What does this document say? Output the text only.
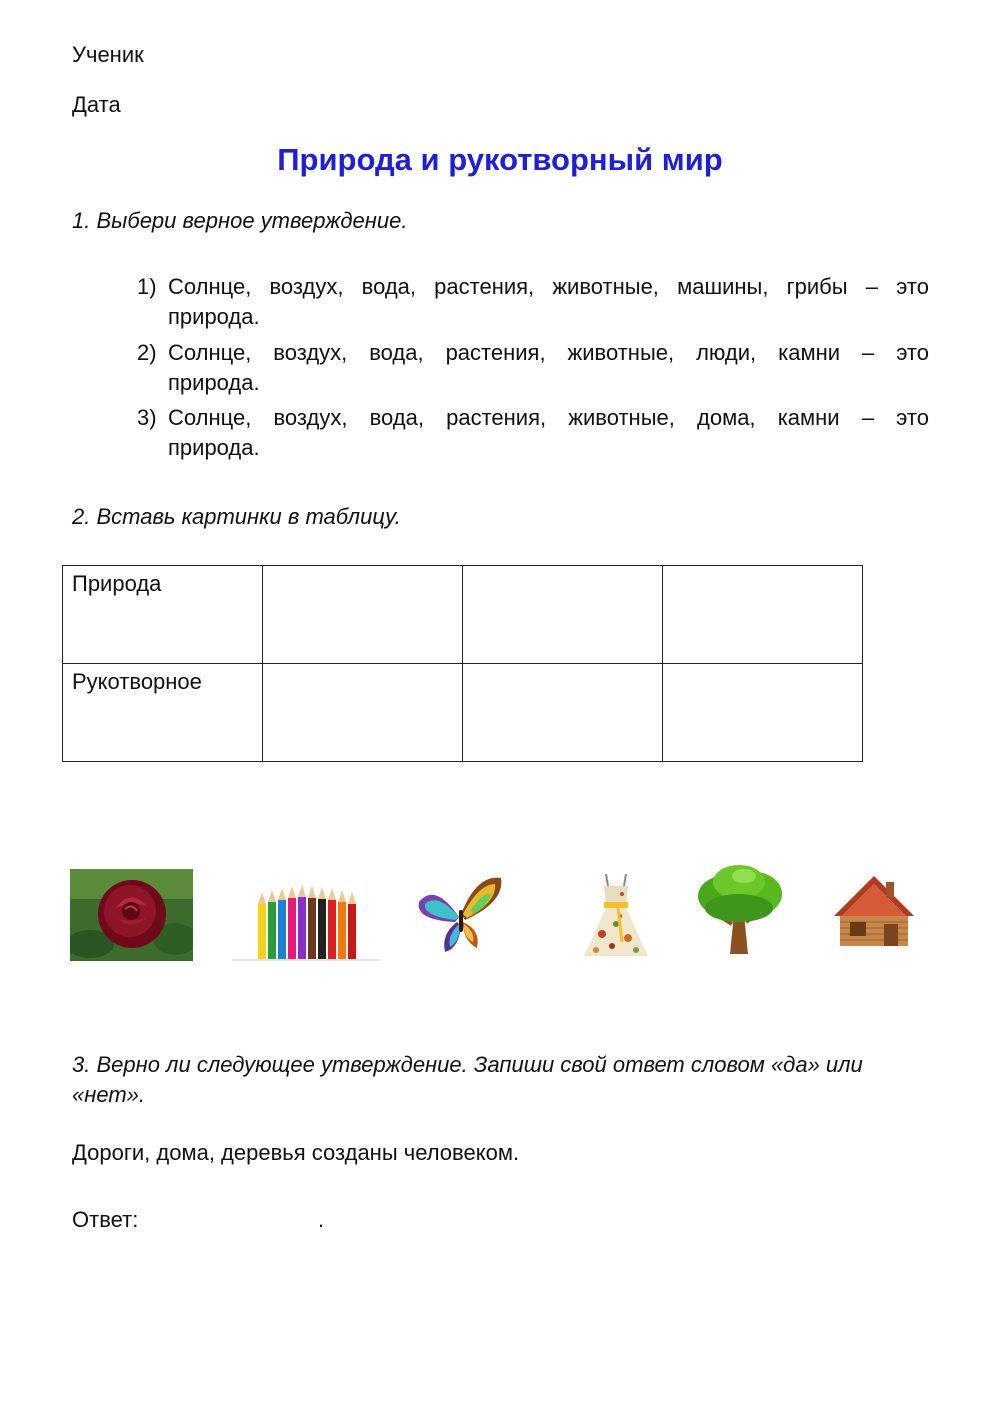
Ученик
Дата
Природа и рукотворный мир
1. Выбери верное утверждение.
1) Солнце, воздух, вода, растения, животные, машины, грибы – это
природа.
2) Солнце, воздух, вода, растения, животные, люди, камни – это
природа.
3) Солнце, воздух, вода, растения, животные, дома, камни – это
природа.
2. Вставь картинки в таблицу.
Природа			
Рукотворное			
3. Верно ли следующее утверждение. Запиши свой ответ словом «да» или «нет».
Дороги, дома, деревья созданы человеком.
Ответ:	.
